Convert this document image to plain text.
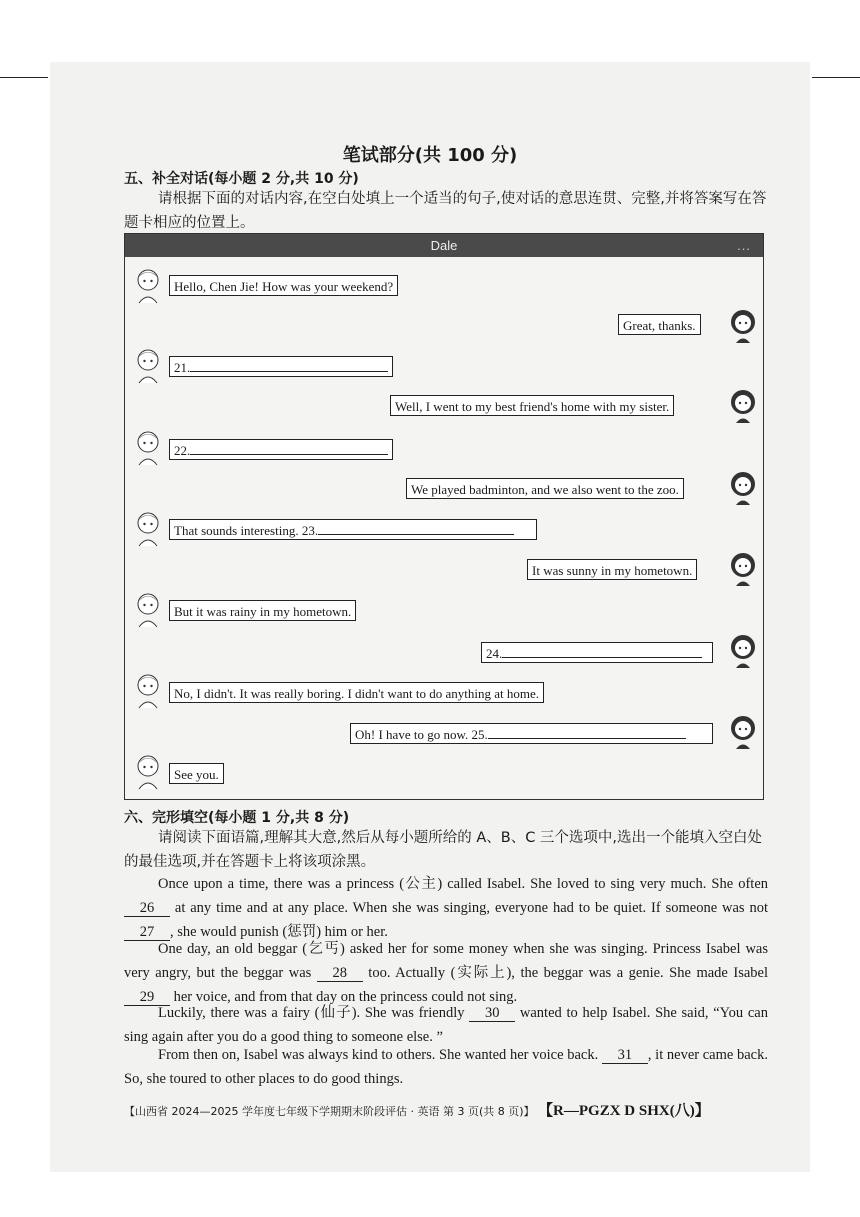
笔试部分(共 100 分)
五、补全对话(每小题 2 分,共 10 分)
请根据下面的对话内容,在空白处填上一个适当的句子,使对话的意思连贯、完整,并将答案写在答题卡相应的位置上。
Dale	...
Hello, Chen Jie! How was your weekend?
Great, thanks.
21.
Well, I went to my best friend's home with my sister.
22.
We played badminton, and we also went to the zoo.
That sounds interesting. 23.
It was sunny in my hometown.
But it was rainy in my hometown.
24.
No, I didn't. It was really boring. I didn't want to do anything at home.
Oh! I have to go now. 25.
See you.
六、完形填空(每小题 1 分,共 8 分)
请阅读下面语篇,理解其大意,然后从每小题所给的 A、B、C 三个选项中,选出一个能填入空白处的最佳选项,并在答题卡上将该项涂黑。
Once upon a time, there was a princess (公主) called Isabel. She loved to sing very much. She often 26 at any time and at any place. When she was singing, everyone had to be quiet. If someone was not 27 , she would punish (惩罚) him or her.
One day, an old beggar (乞丐) asked her for some money when she was singing. Princess Isabel was very angry, but the beggar was 28 too. Actually (实际上), the beggar was a genie. She made Isabel 29 her voice, and from that day on the princess could not sing.
Luckily, there was a fairy (仙子). She was friendly 30 wanted to help Isabel. She said, “You can sing again after you do a good thing to someone else. ”
From then on, Isabel was always kind to others. She wanted her voice back. 31 , it never came back. So, she toured to other places to do good things.
【山西省 2024—2025 学年度七年级下学期期末阶段评估 · 英语 第 3 页(共 8 页)】 【R—PGZX D SHX(八)】
